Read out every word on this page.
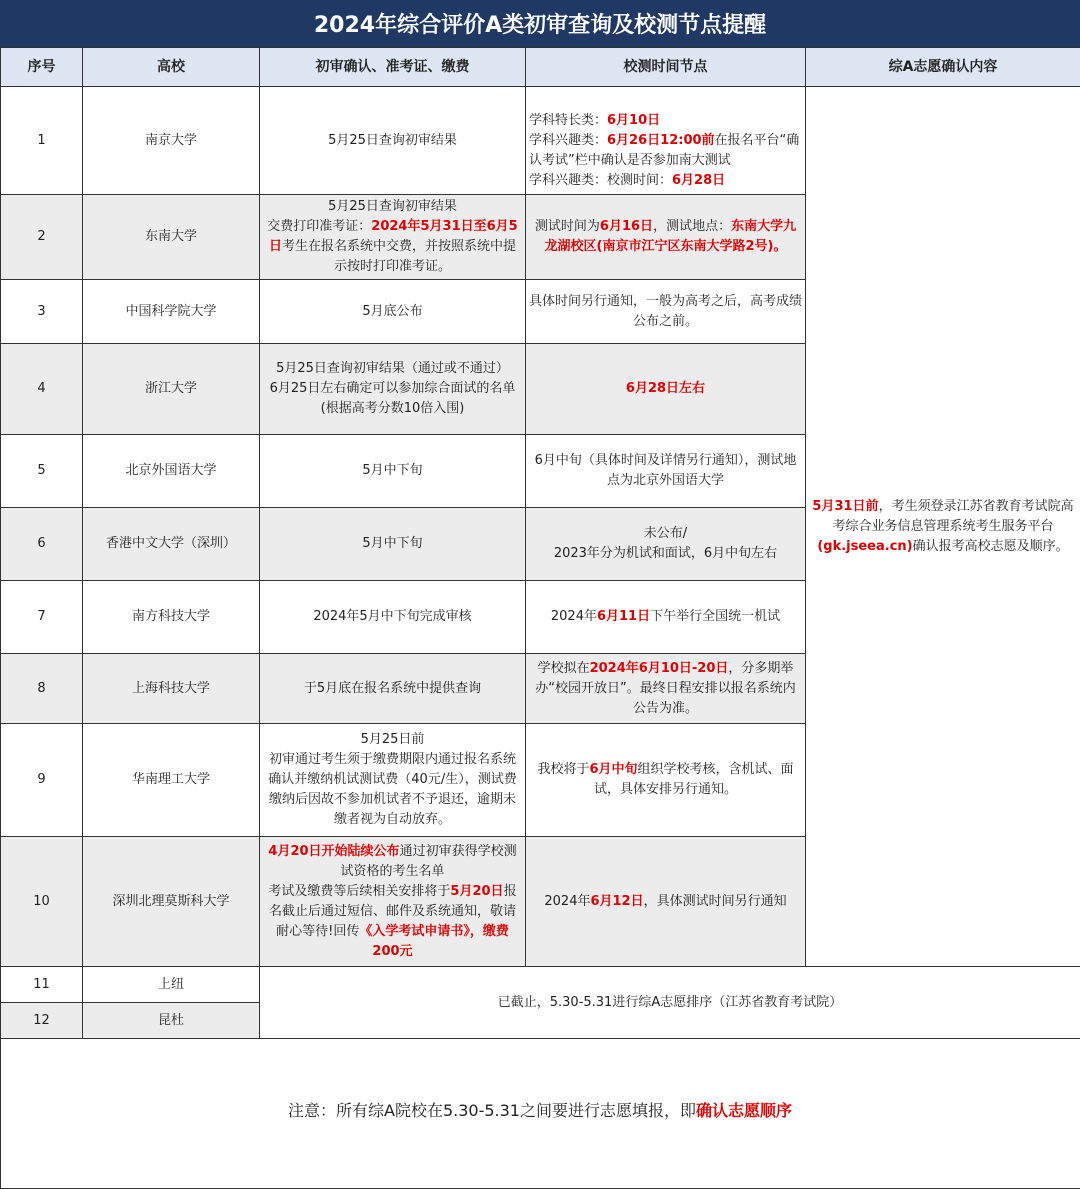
2024年综合评价A类初审查询及校测节点提醒
序号	高校	初审确认、准考证、缴费	校测时间节点	综A志愿确认内容
1	南京大学	5月25日查询初审结果	学科特长类：6月10日
学科兴趣类：6月26日12:00前在报名平台“确认考试”栏中确认是否参加南大测试
学科兴趣类：校测时间：6月28日	5月31日前，考生须登录江苏省教育考试院高考综合业务信息管理系统考生服务平台(gk.jseea.cn)确认报考高校志愿及顺序。
2	东南大学	5月25日查询初审结果
交费打印准考证：2024年5月31日至6月5日考生在报名系统中交费，并按照系统中提示按时打印准考证。	测试时间为6月16日，测试地点：东南大学九龙湖校区(南京市江宁区东南大学路2号)。	
3	中国科学院大学	5月底公布	具体时间另行通知，一般为高考之后，高考成绩公布之前。	
4	浙江大学	5月25日查询初审结果（通过或不通过）
6月25日左右确定可以参加综合面试的名单
(根据高考分数10倍入围)	6月28日左右	
5	北京外国语大学	5月中下旬	6月中旬（具体时间及详情另行通知），测试地点为北京外国语大学	
6	香港中文大学（深圳）	5月中下旬	未公布/
2023年分为机试和面试，6月中旬左右	
7	南方科技大学	2024年5月中下旬完成审核	2024年6月11日下午举行全国统一机试	
8	上海科技大学	于5月底在报名系统中提供查询	学校拟在2024年6月10日-20日，分多期举办“校园开放日”。最终日程安排以报名系统内公告为准。	
9	华南理工大学	5月25日前
初审通过考生须于缴费期限内通过报名系统确认并缴纳机试测试费（40元/生），测试费缴纳后因故不参加机试者不予退还，逾期未缴者视为自动放弃。	我校将于6月中旬组织学校考核，含机试、面试，具体安排另行通知。	
10	深圳北理莫斯科大学	4月20日开始陆续公布通过初审获得学校测试资格的考生名单
考试及缴费等后续相关安排将于5月20日报名截止后通过短信、邮件及系统通知，敬请耐心等待!回传《入学考试申请书》，缴费200元	2024年6月12日，具体测试时间另行通知	
11	上纽	已截止，5.30-5.31进行综A志愿排序（江苏省教育考试院）		
12	昆杜			

注意：所有综A院校在5.30-5.31之间要进行志愿填报，即确认志愿顺序
